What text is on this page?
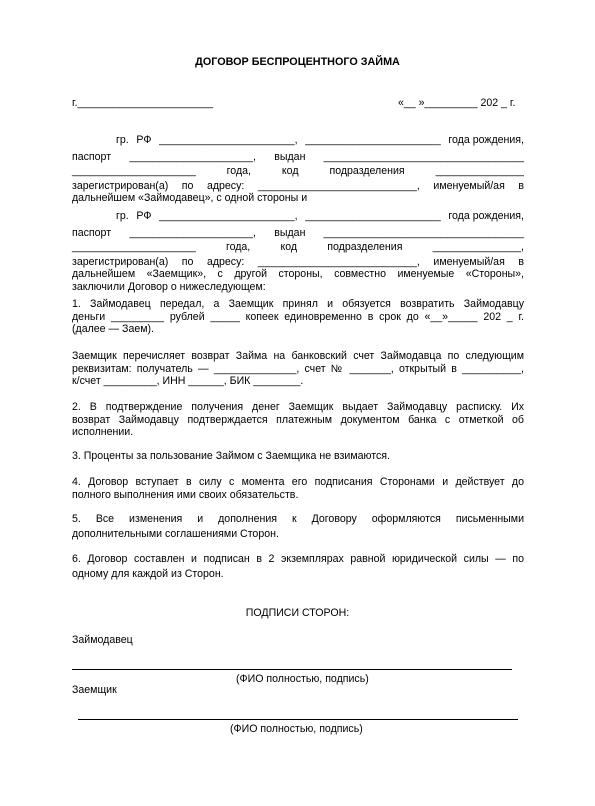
ДОГОВОР БЕСПРОЦЕНТНОГО ЗАЙМА
г._______________________	«__ »_________ 202 _ г.
гр. РФ _______________________, _______________________ года рождения,
паспорт _____________________, выдан __________________________________
_____________________	года,	код	подразделения	_______________
зарегистрирован(а) по адресу: ___________________________, именуемый/ая в
дальнейшем «Займодавец», с одной стороны и
гр. РФ _______________________, _______________________ года рождения,
паспорт _____________________, выдан __________________________________
_____________________	года,	код	подразделения	_______________,
зарегистрирован(а) по адресу: ___________________________, именуемый/ая в
дальнейшем «Заемщик», с другой стороны, совместно именуемые «Стороны»,
заключили Договор о нижеследующем:
1. Займодавец передал, а Заемщик принял и обязуется возвратить Займодавцу
деньги _________ рублей _____ копеек единовременно в срок до «__»_____ 202 _ г.
(далее — Заем).
Заемщик перечисляет возврат Займа на банковский счет Займодавца по следующим
реквизитам: получатель — ______________, счет № _______, открытый в __________,
к/счет _________, ИНН ______, БИК ________.
2. В подтверждение получения денег Заемщик выдает Займодавцу расписку. Их
возврат Займодавцу подтверждается платежным документом банка с отметкой об
исполнении.
3. Проценты за пользование Займом с Заемщика не взимаются.
4. Договор вступает в силу с момента его подписания Сторонами и действует до
полного выполнения ими своих обязательств.
5.  Все  изменения  и  дополнения  к  Договору  оформляются  письменными
дополнительными соглашениями Сторон.
6. Договор составлен и подписан в 2 экземплярах равной юридической силы — по
одному для каждой из Сторон.
ПОДПИСИ СТОРОН:
Займодавец
(ФИО полностью, подпись)
Заемщик
(ФИО полностью, подпись)
